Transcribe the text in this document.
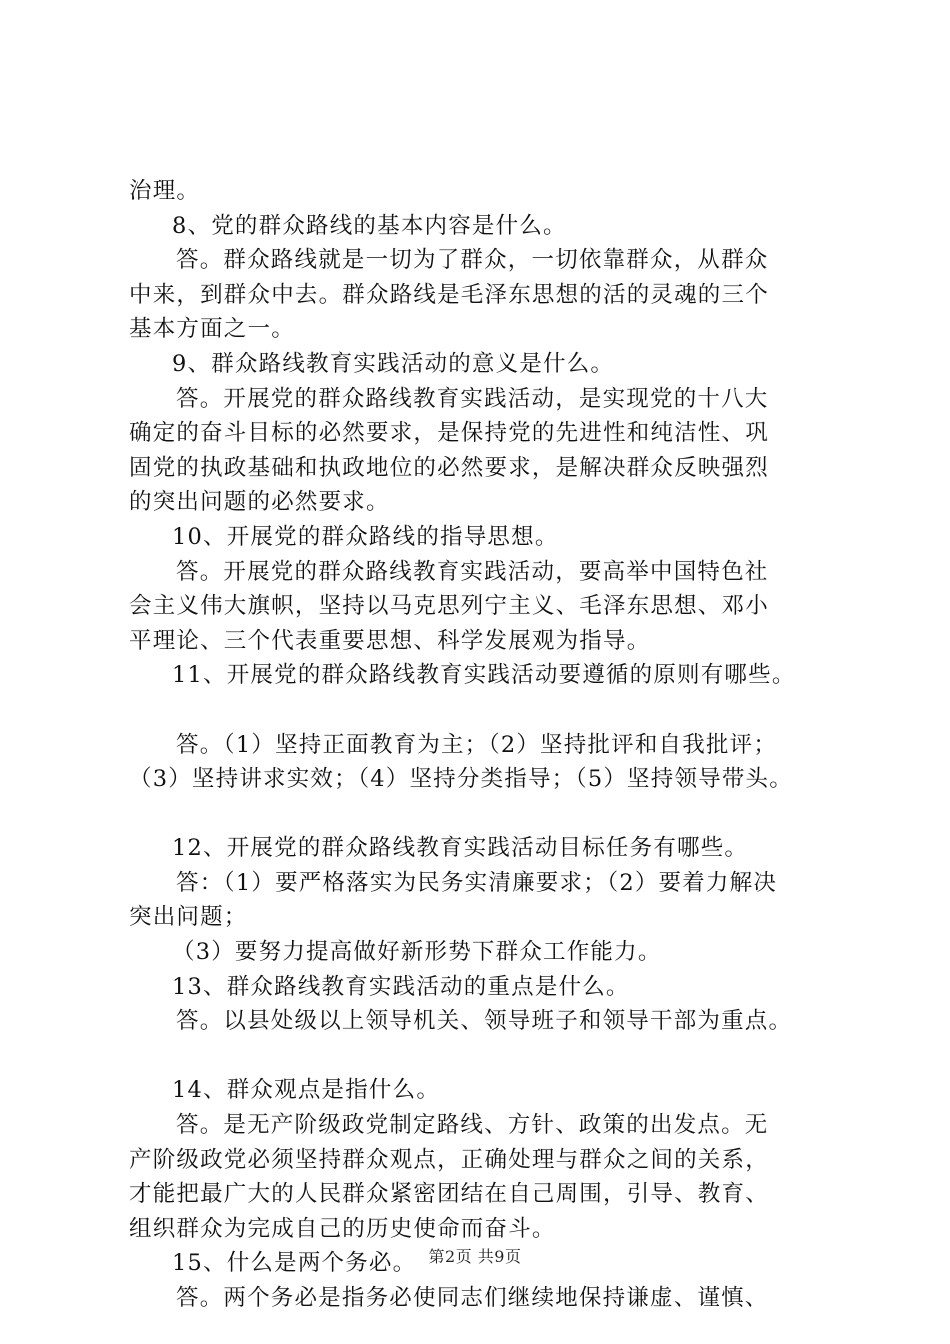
治理。
8、党的群众路线的基本内容是什么。
答。群众路线就是一切为了群众，一切依靠群众，从群众
中来，到群众中去。群众路线是毛泽东思想的活的灵魂的三个
基本方面之一。
9、群众路线教育实践活动的意义是什么。
答。开展党的群众路线教育实践活动，是实现党的十八大
确定的奋斗目标的必然要求，是保持党的先进性和纯洁性、巩
固党的执政基础和执政地位的必然要求，是解决群众反映强烈
的突出问题的必然要求。
10、开展党的群众路线的指导思想。
答。开展党的群众路线教育实践活动，要高举中国特色社
会主义伟大旗帜，坚持以马克思列宁主义、毛泽东思想、邓小
平理论、三个代表重要思想、科学发展观为指导。
11、开展党的群众路线教育实践活动要遵循的原则有哪些。
答。（1）坚持正面教育为主；（2）坚持批评和自我批评；
（3）坚持讲求实效；（4）坚持分类指导；（5）坚持领导带头。
12、开展党的群众路线教育实践活动目标任务有哪些。
答：（1）要严格落实为民务实清廉要求；（2）要着力解决
突出问题；
（3）要努力提高做好新形势下群众工作能力。
13、群众路线教育实践活动的重点是什么。
答。以县处级以上领导机关、领导班子和领导干部为重点。
14、群众观点是指什么。
答。是无产阶级政党制定路线、方针、政策的出发点。无
产阶级政党必须坚持群众观点，正确处理与群众之间的关系，
才能把最广大的人民群众紧密团结在自己周围，引导、教育、
组织群众为完成自己的历史使命而奋斗。
15、什么是两个务必。
答。两个务必是指务必使同志们继续地保持谦虚、谨慎、
第2页 共9页
